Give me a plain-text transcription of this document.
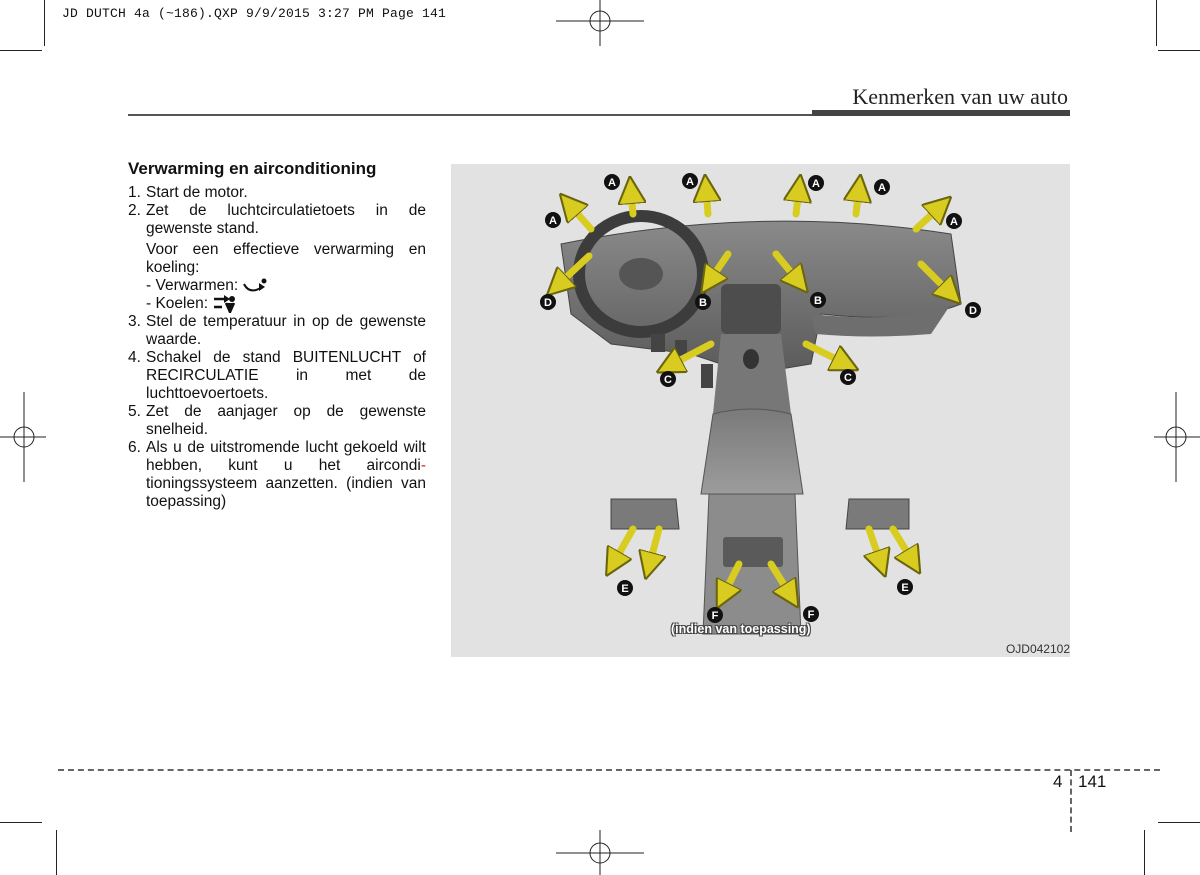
JD DUTCH 4a (~186).QXP 9/9/2015 3:27 PM Page 141
Kenmerken van uw auto
Verwarming en airconditioning
1. Start de motor.
2. Zet de luchtcirculatietoets in de gewenste stand.
Voor een effectieve verwarming en koeling:
- Verwarmen:
- Koelen:
3. Stel de temperatuur in op de gewenste waarde.
4. Schakel de stand BUITENLUCHT of RECIRCULATIE in met de luchttoevoertoets.
5. Zet de aanjager op de gewenste snelheid.
6. Als u de uitstromende lucht gekoeld wilt hebben, kunt u het aircondi- tioningssysteem aanzetten. (indien van toepassing)
A
A	A	A	A
A
B	B
C	C
D
D
E	E
F	F
(indien van toepassing)
OJD042102
4 141
